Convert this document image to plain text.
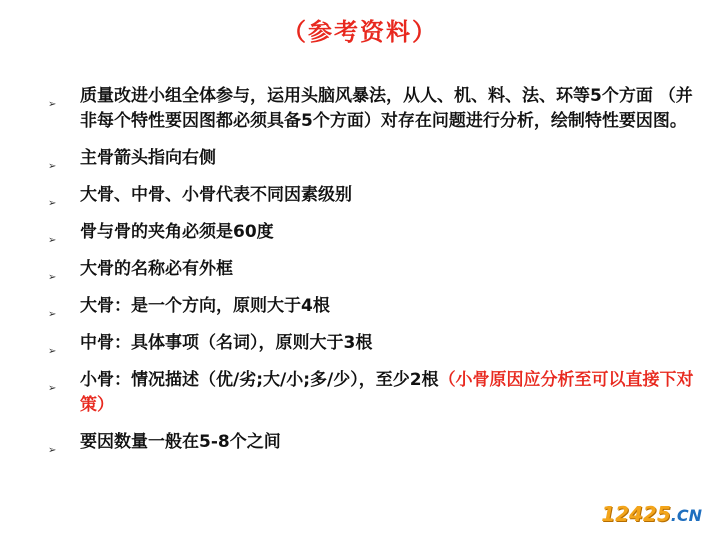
（参考资料）
➢ 质量改进小组全体参与，运用头脑风暴法，从人、机、料、法、环等5个方面 （并非每个特性要因图都必须具备5个方面）对存在问题进行分析，绘制特性要因图。
➢ 主骨箭头指向右侧
➢ 大骨、中骨、小骨代表不同因素级别
➢ 骨与骨的夹角必须是60度
➢ 大骨的名称必有外框
➢ 大骨：是一个方向，原则大于4根
➢ 中骨：具体事项（名词），原则大于3根
➢ 小骨：情况描述（优/劣;大/小;多/少），至少2根（小骨原因应分析至可以直接下对策）
➢ 要因数量一般在5-8个之间
12425.CN
